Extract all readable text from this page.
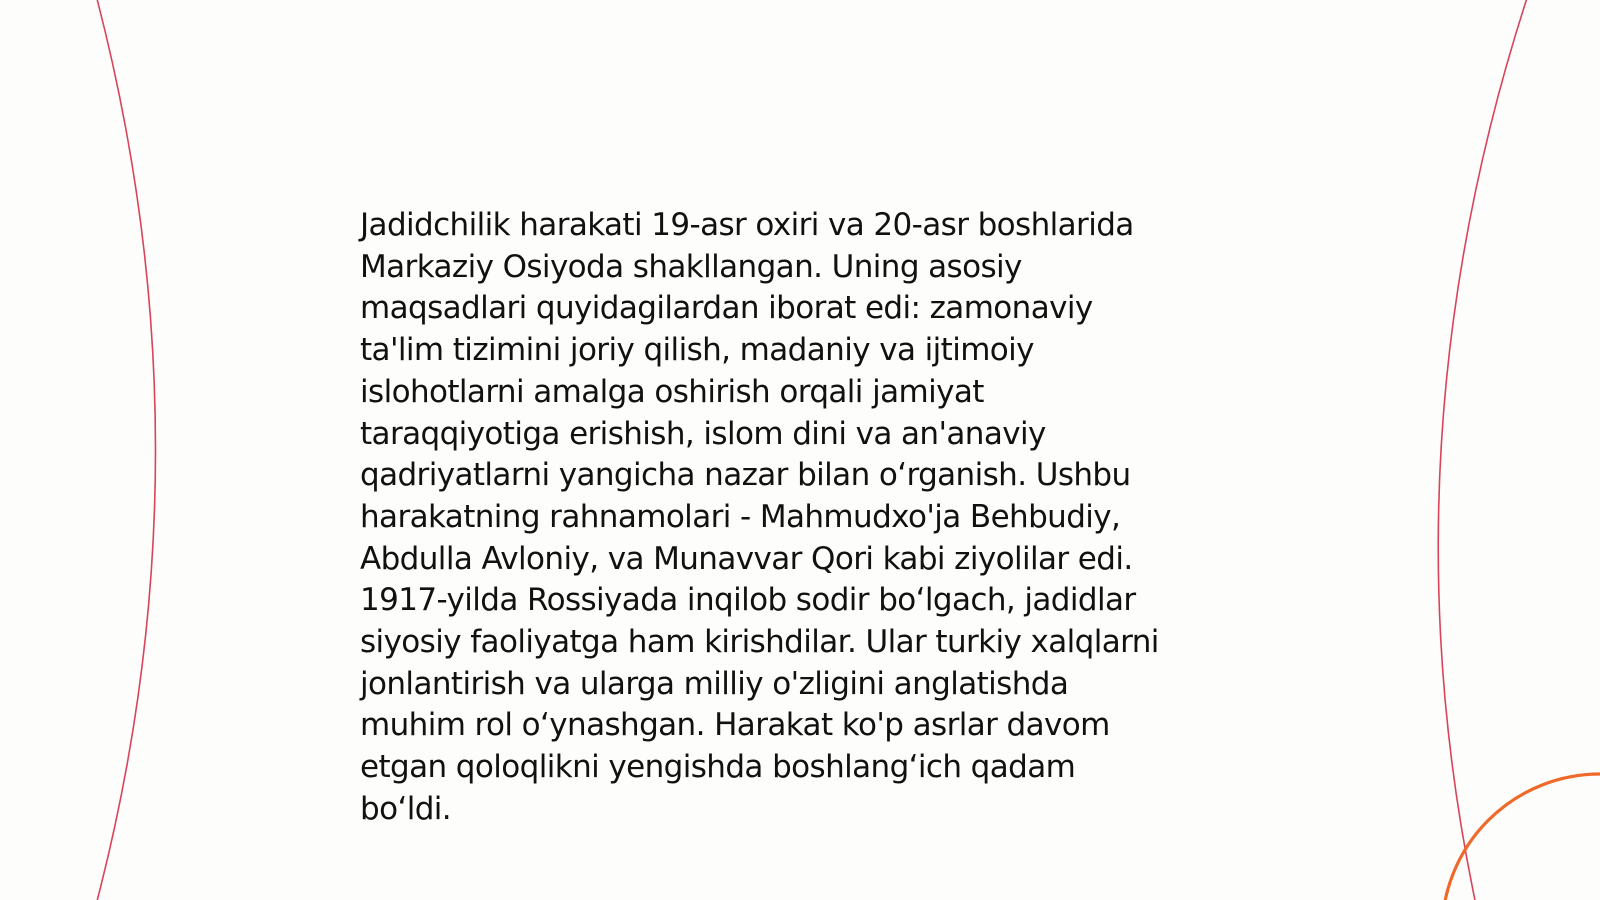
Jadidchilik harakati 19-asr oxiri va 20-asr boshlarida
Markaziy Osiyoda shakllangan. Uning asosiy
maqsadlari quyidagilardan iborat edi: zamonaviy
ta'lim tizimini joriy qilish, madaniy va ijtimoiy
islohotlarni amalga oshirish orqali jamiyat
taraqqiyotiga erishish, islom dini va an'anaviy
qadriyatlarni yangicha nazar bilan o‘rganish. Ushbu
harakatning rahnamolari - Mahmudxo'ja Behbudiy,
Abdulla Avloniy, va Munavvar Qori kabi ziyolilar edi.
1917-yilda Rossiyada inqilob sodir bo‘lgach, jadidlar
siyosiy faoliyatga ham kirishdilar. Ular turkiy xalqlarni
jonlantirish va ularga milliy o'zligini anglatishda
muhim rol o‘ynashgan. Harakat ko'p asrlar davom
etgan qoloqlikni yengishda boshlang‘ich qadam
bo‘ldi.
